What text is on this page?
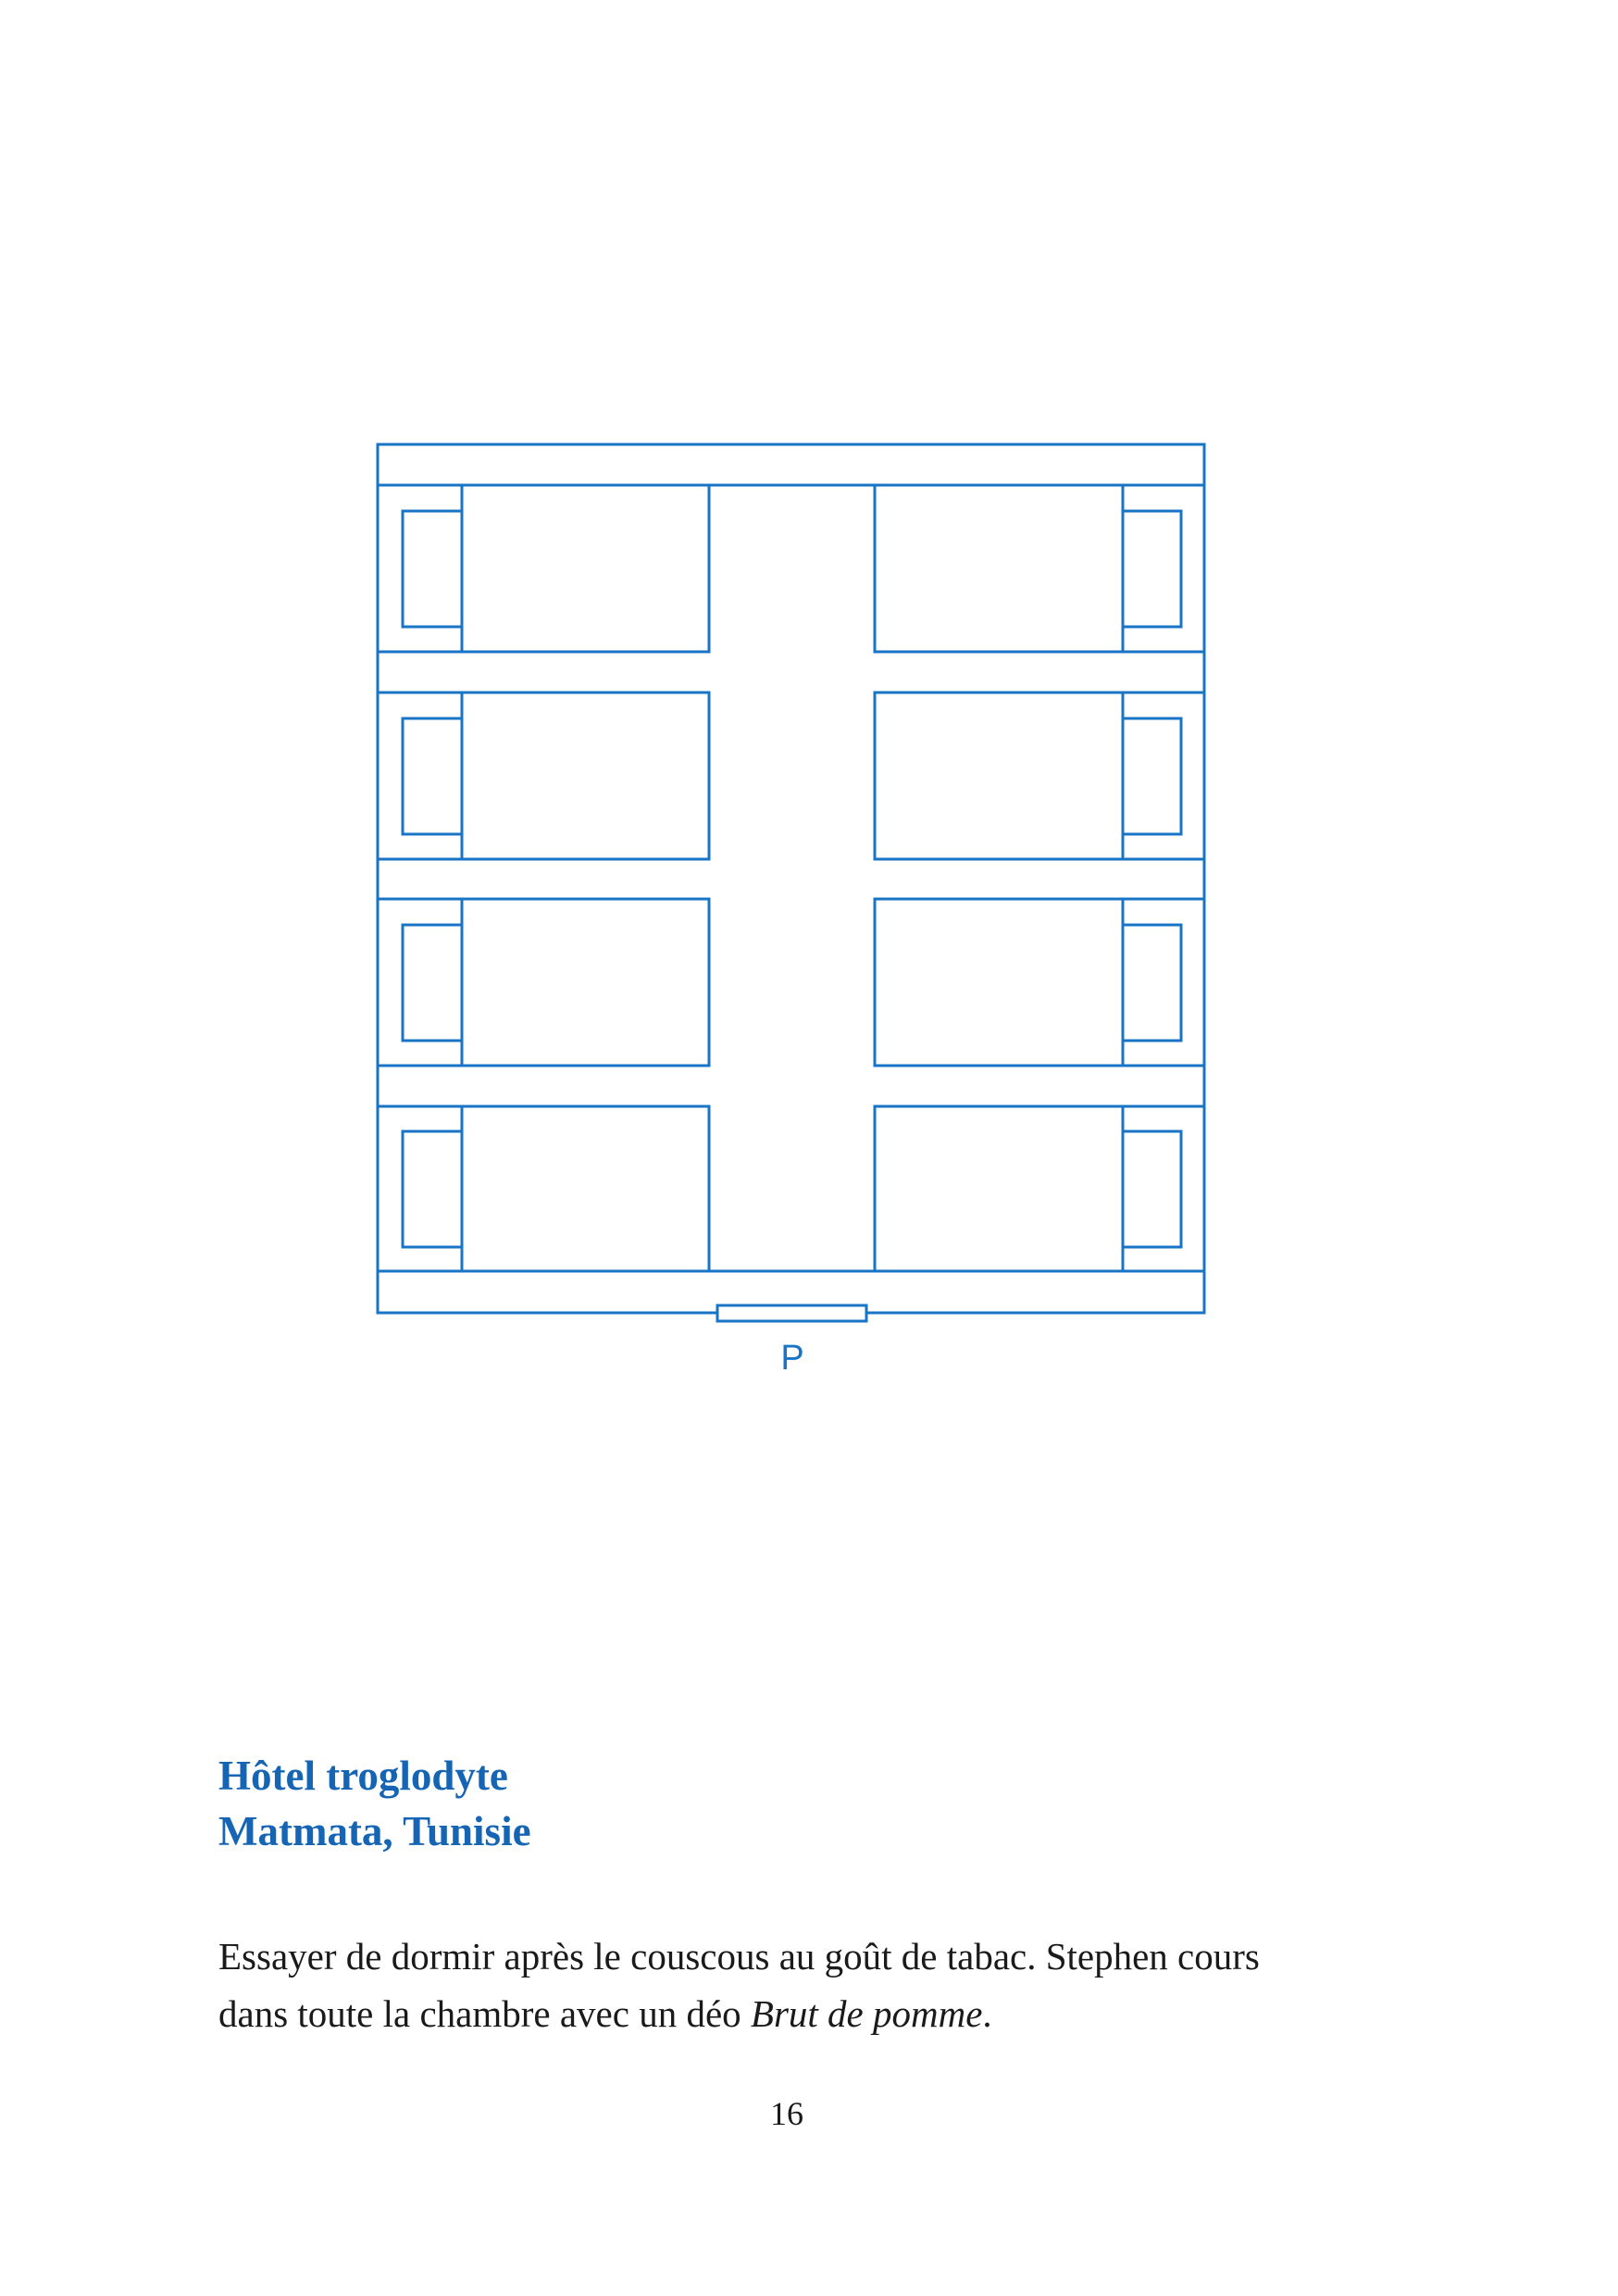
P
Hôtel troglodyte
Matmata, Tunisie

Essayer de dormir après le couscous au goût de tabac. Stephen cours
dans toute la chambre avec un déo Brut de pomme.

16
